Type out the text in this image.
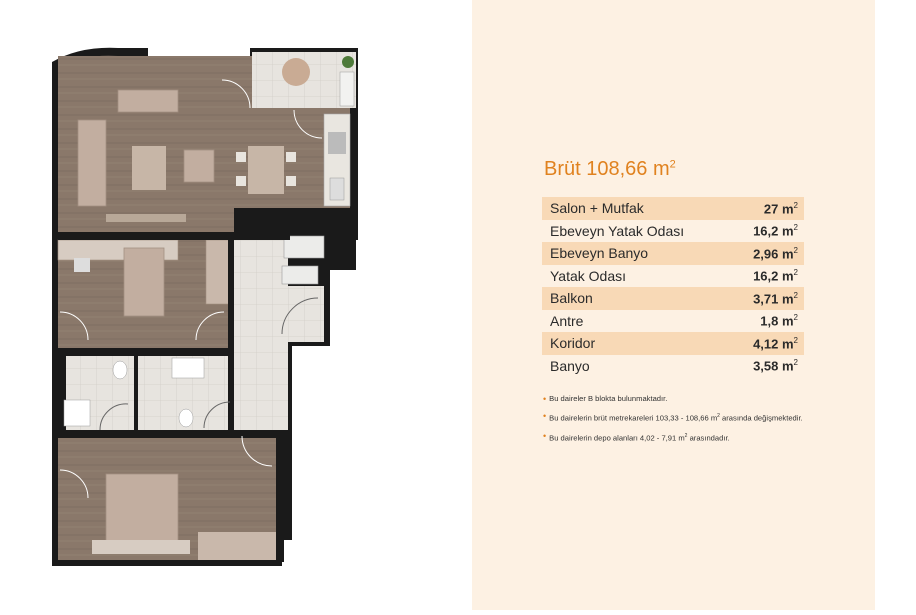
Brüt 108,66 $m^2$
Salon + Mutfak	27 $m^2$
Ebeveyn Yatak Odası	16,2 $m^2$
Ebeveyn Banyo	2,96 $m^2$
Yatak Odası	16,2 $m^2$
Balkon	3,71 $m^2$
Antre	1,8 $m^2$
Koridor	4,12 $m^2$
Banyo	3,58 $m^2$
• Bu daireler B blokta bulunmaktadır.
• Bu dairelerin brüt metrekareleri 103,33 - 108,66 $m^2$ arasında değişmektedir.
• Bu dairelerin depo alanları 4,02 - 7,91 $m^2$ arasındadır.
